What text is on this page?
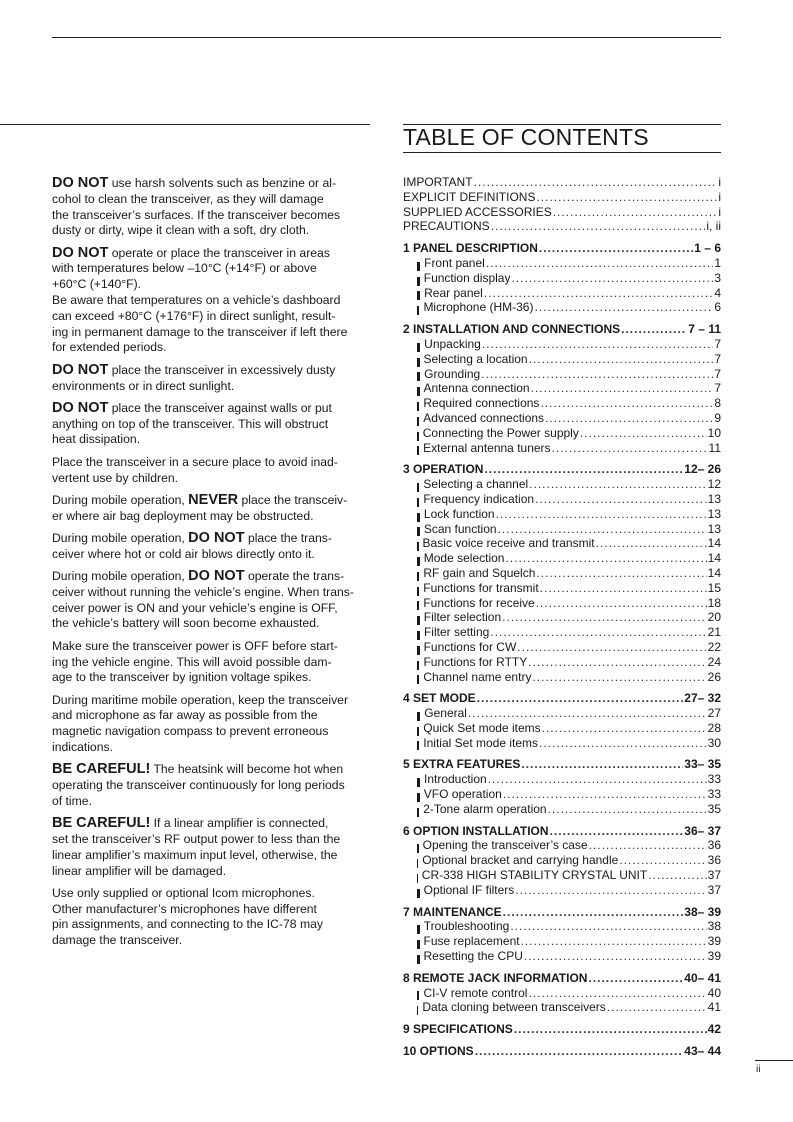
TABLE OF CONTENTS

DO NOT use harsh solvents such as benzine or al-
cohol to clean the transceiver, as they will damage
the transceiver’s surfaces. If the transceiver becomes
dusty or dirty, wipe it clean with a soft, dry cloth.

DO NOT operate or place the transceiver in areas
with temperatures below –10°C (+14°F) or above
+60°C (+140°F).
Be aware that temperatures on a vehicle’s dashboard
can exceed +80°C (+176°F) in direct sunlight, result-
ing in permanent damage to the transceiver if left there
for extended periods.

DO NOT place the transceiver in excessively dusty
environments or in direct sunlight.

DO NOT place the transceiver against walls or put
anything on top of the transceiver. This will obstruct
heat dissipation.

Place the transceiver in a secure place to avoid inad-
vertent use by children.

During mobile operation, NEVER place the transceiv-
er where air bag deployment may be obstructed.

During mobile operation, DO NOT place the trans-
ceiver where hot or cold air blows directly onto it.

During mobile operation, DO NOT operate the trans-
ceiver without running the vehicle’s engine. When trans-
ceiver power is ON and your vehicle’s engine is OFF,
the vehicle’s battery will soon become exhausted.

Make sure the transceiver power is OFF before start-
ing the vehicle engine. This will avoid possible dam-
age to the transceiver by ignition voltage spikes.

During maritime mobile operation, keep the transceiver
and microphone as far away as possible from the
magnetic navigation compass to prevent erroneous
indications.

BE CAREFUL! The heatsink will become hot when
operating the transceiver continuously for long periods
of time.

BE CAREFUL! If a linear amplifier is connected,
set the transceiver’s RF output power to less than the
linear amplifier’s maximum input level, otherwise, the
linear amplifier will be damaged.

Use only supplied or optional Icom microphones.
Other manufacturer’s microphones have different
pin assignments, and connecting to the IC-78 may
damage the transceiver.

IMPORTANT .....	i
EXPLICIT DEFINITIONS .....	i
SUPPLIED ACCESSORIES .....	i
PRECAUTIONS .....	i, ii
1 PANEL DESCRIPTION .....	1 – 6
Front panel .....	1
Function display .....	3
Rear panel .....	4
Microphone (HM-36) .....	6
2 INSTALLATION AND CONNECTIONS .....	7 – 11
Unpacking .....	7
Selecting a location .....	7
Grounding .....	7
Antenna connection .....	7
Required connections .....	8
Advanced connections .....	9
Connecting the Power supply .....	10
External antenna tuners .....	11
3 OPERATION .....	12– 26
Selecting a channel .....	12
Frequency indication .....	13
Lock function .....	13
Scan function .....	13
Basic voice receive and transmit .....	14
Mode selection .....	14
RF gain and Squelch .....	14
Functions for transmit .....	15
Functions for receive .....	18
Filter selection .....	20
Filter setting .....	21
Functions for CW .....	22
Functions for RTTY .....	24
Channel name entry .....	26
4 SET MODE .....	27– 32
General .....	27
Quick Set mode items .....	28
Initial Set mode items .....	30
5 EXTRA FEATURES .....	33– 35
Introduction .....	33
VFO operation .....	33
2-Tone alarm operation .....	35
6 OPTION INSTALLATION .....	36– 37
Opening the transceiver’s case .....	36
Optional bracket and carrying handle .....	36
CR-338 HIGH STABILITY CRYSTAL UNIT .....	37
Optional IF filters .....	37
7 MAINTENANCE .....	38– 39
Troubleshooting .....	38
Fuse replacement .....	39
Resetting the CPU .....	39
8 REMOTE JACK INFORMATION .....	40– 41
CI-V remote control .....	40
Data cloning between transceivers .....	41
9 SPECIFICATIONS .....	42
10 OPTIONS .....	43– 44
ii
